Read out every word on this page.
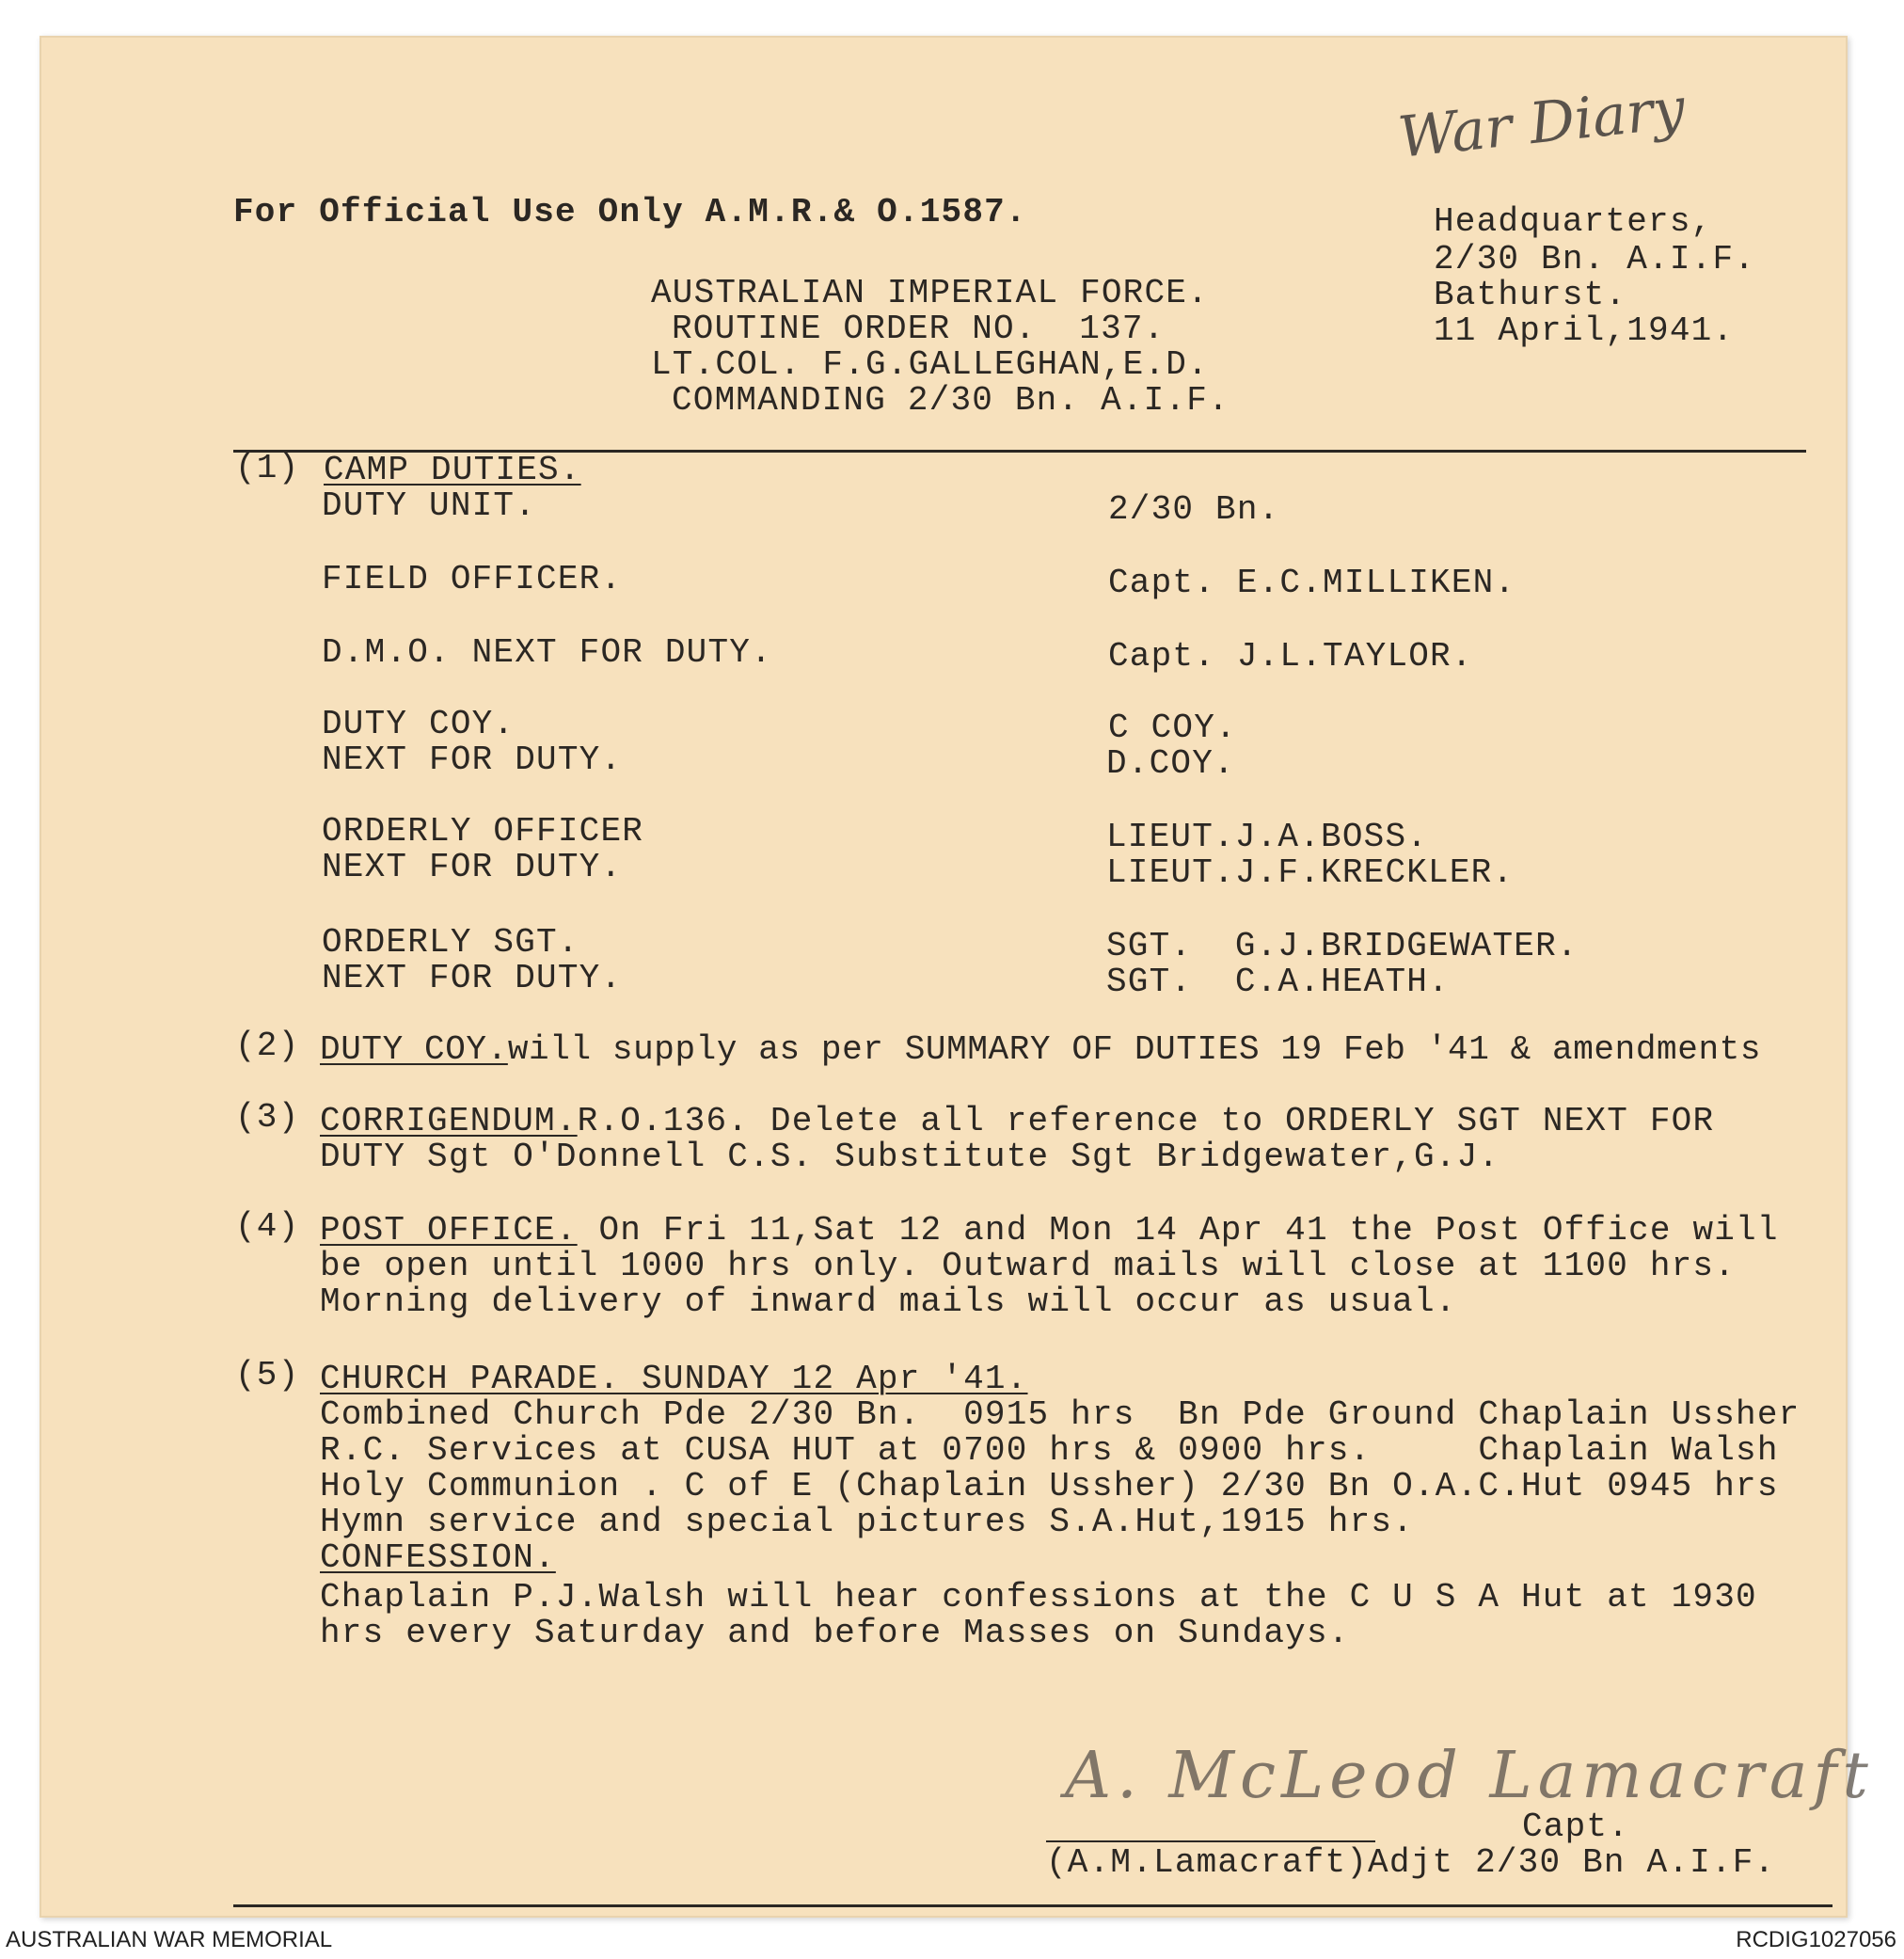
War Diary
For Official Use Only A.M.R.& O.1587.	Headquarters,
2/30 Bn. A.I.F.
Bathurst.
11 April,1941.
AUSTRALIAN IMPERIAL FORCE.
ROUTINE ORDER NO.  137.
LT.COL. F.G.GALLEGHAN,E.D.
COMMANDING 2/30 Bn. A.I.F.
(1) CAMP DUTIES.
DUTY UNIT.	2/30 Bn.
FIELD OFFICER.	Capt. E.C.MILLIKEN.
D.M.O. NEXT FOR DUTY.	Capt. J.L.TAYLOR.
DUTY COY.	C COY.
NEXT FOR DUTY.	D.COY.
ORDERLY OFFICER	LIEUT.J.A.BOSS.
NEXT FOR DUTY.	LIEUT.J.F.KRECKLER.
ORDERLY SGT.	SGT.  G.J.BRIDGEWATER.
NEXT FOR DUTY.	SGT.  C.A.HEATH.
(2) DUTY COY.will supply as per SUMMARY OF DUTIES 19 Feb '41 & amendments
(3) CORRIGENDUM.R.O.136. Delete all reference to ORDERLY SGT NEXT FOR
DUTY Sgt O'Donnell C.S. Substitute Sgt Bridgewater,G.J.
(4) POST OFFICE. On Fri 11,Sat 12 and Mon 14 Apr 41 the Post Office will
be open until 1000 hrs only. Outward mails will close at 1100 hrs.
Morning delivery of inward mails will occur as usual.
(5) CHURCH PARADE. SUNDAY 12 Apr '41.
Combined Church Pde 2/30 Bn.  0915 hrs  Bn Pde Ground Chaplain Ussher
R.C. Services at CUSA HUT at 0700 hrs & 0900 hrs.     Chaplain Walsh
Holy Communion . C of E (Chaplain Ussher) 2/30 Bn O.A.C.Hut 0945 hrs
Hymn service and special pictures S.A.Hut,1915 hrs.
CONFESSION.
Chaplain P.J.Walsh will hear confessions at the C U S A Hut at 1930
hrs every Saturday and before Masses on Sundays.
A. McLeod Lamacraft
Capt.
(A.M.Lamacraft)Adjt 2/30 Bn A.I.F.
AUSTRALIAN WAR MEMORIAL	RCDIG1027056
